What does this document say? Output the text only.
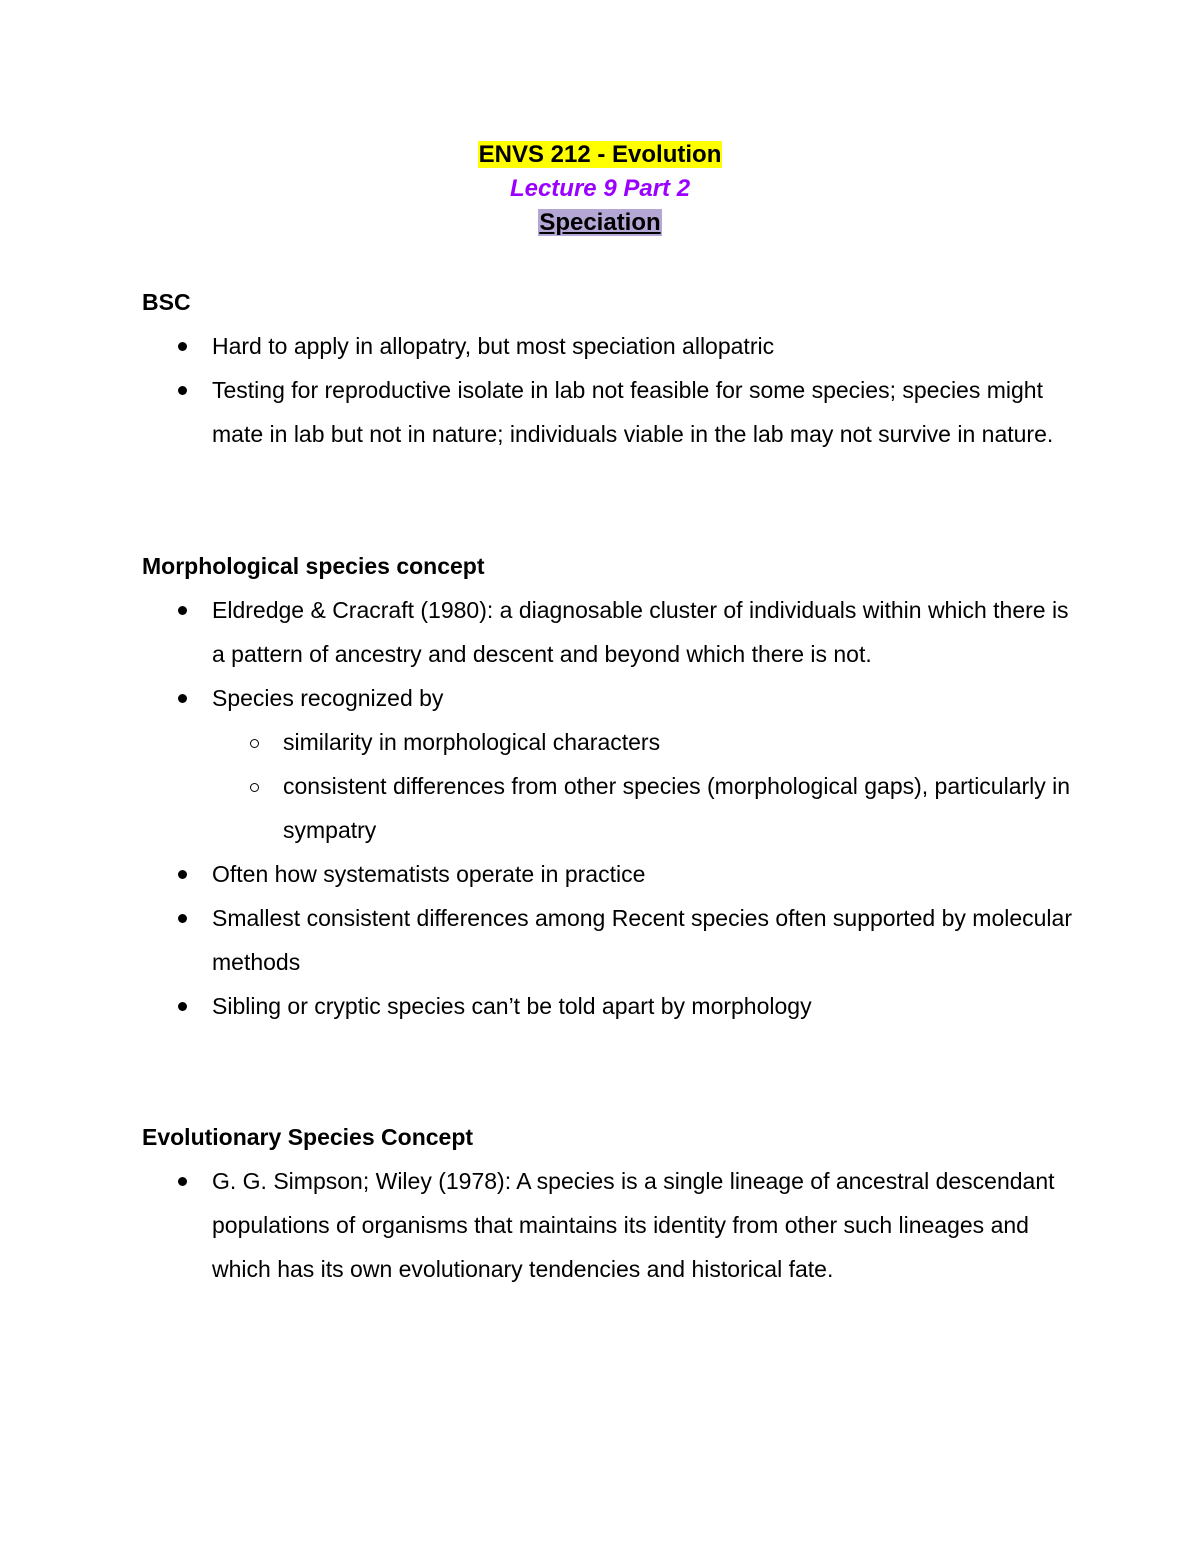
ENVS 212 - Evolution
Lecture 9 Part 2
Speciation
BSC
Hard to apply in allopatry, but most speciation allopatric
Testing for reproductive isolate in lab not feasible for some species; species might mate in lab but not in nature; individuals viable in the lab may not survive in nature.
Morphological species concept
Eldredge & Cracraft (1980): a diagnosable cluster of individuals within which there is a pattern of ancestry and descent and beyond which there is not.
Species recognized by
similarity in morphological characters
consistent differences from other species (morphological gaps), particularly in sympatry
Often how systematists operate in practice
Smallest consistent differences among Recent species often supported by molecular methods
Sibling or cryptic species can’t be told apart by morphology
Evolutionary Species Concept
G. G. Simpson; Wiley (1978): A species is a single lineage of ancestral descendant populations of organisms that maintains its identity from other such lineages and which has its own evolutionary tendencies and historical fate.
